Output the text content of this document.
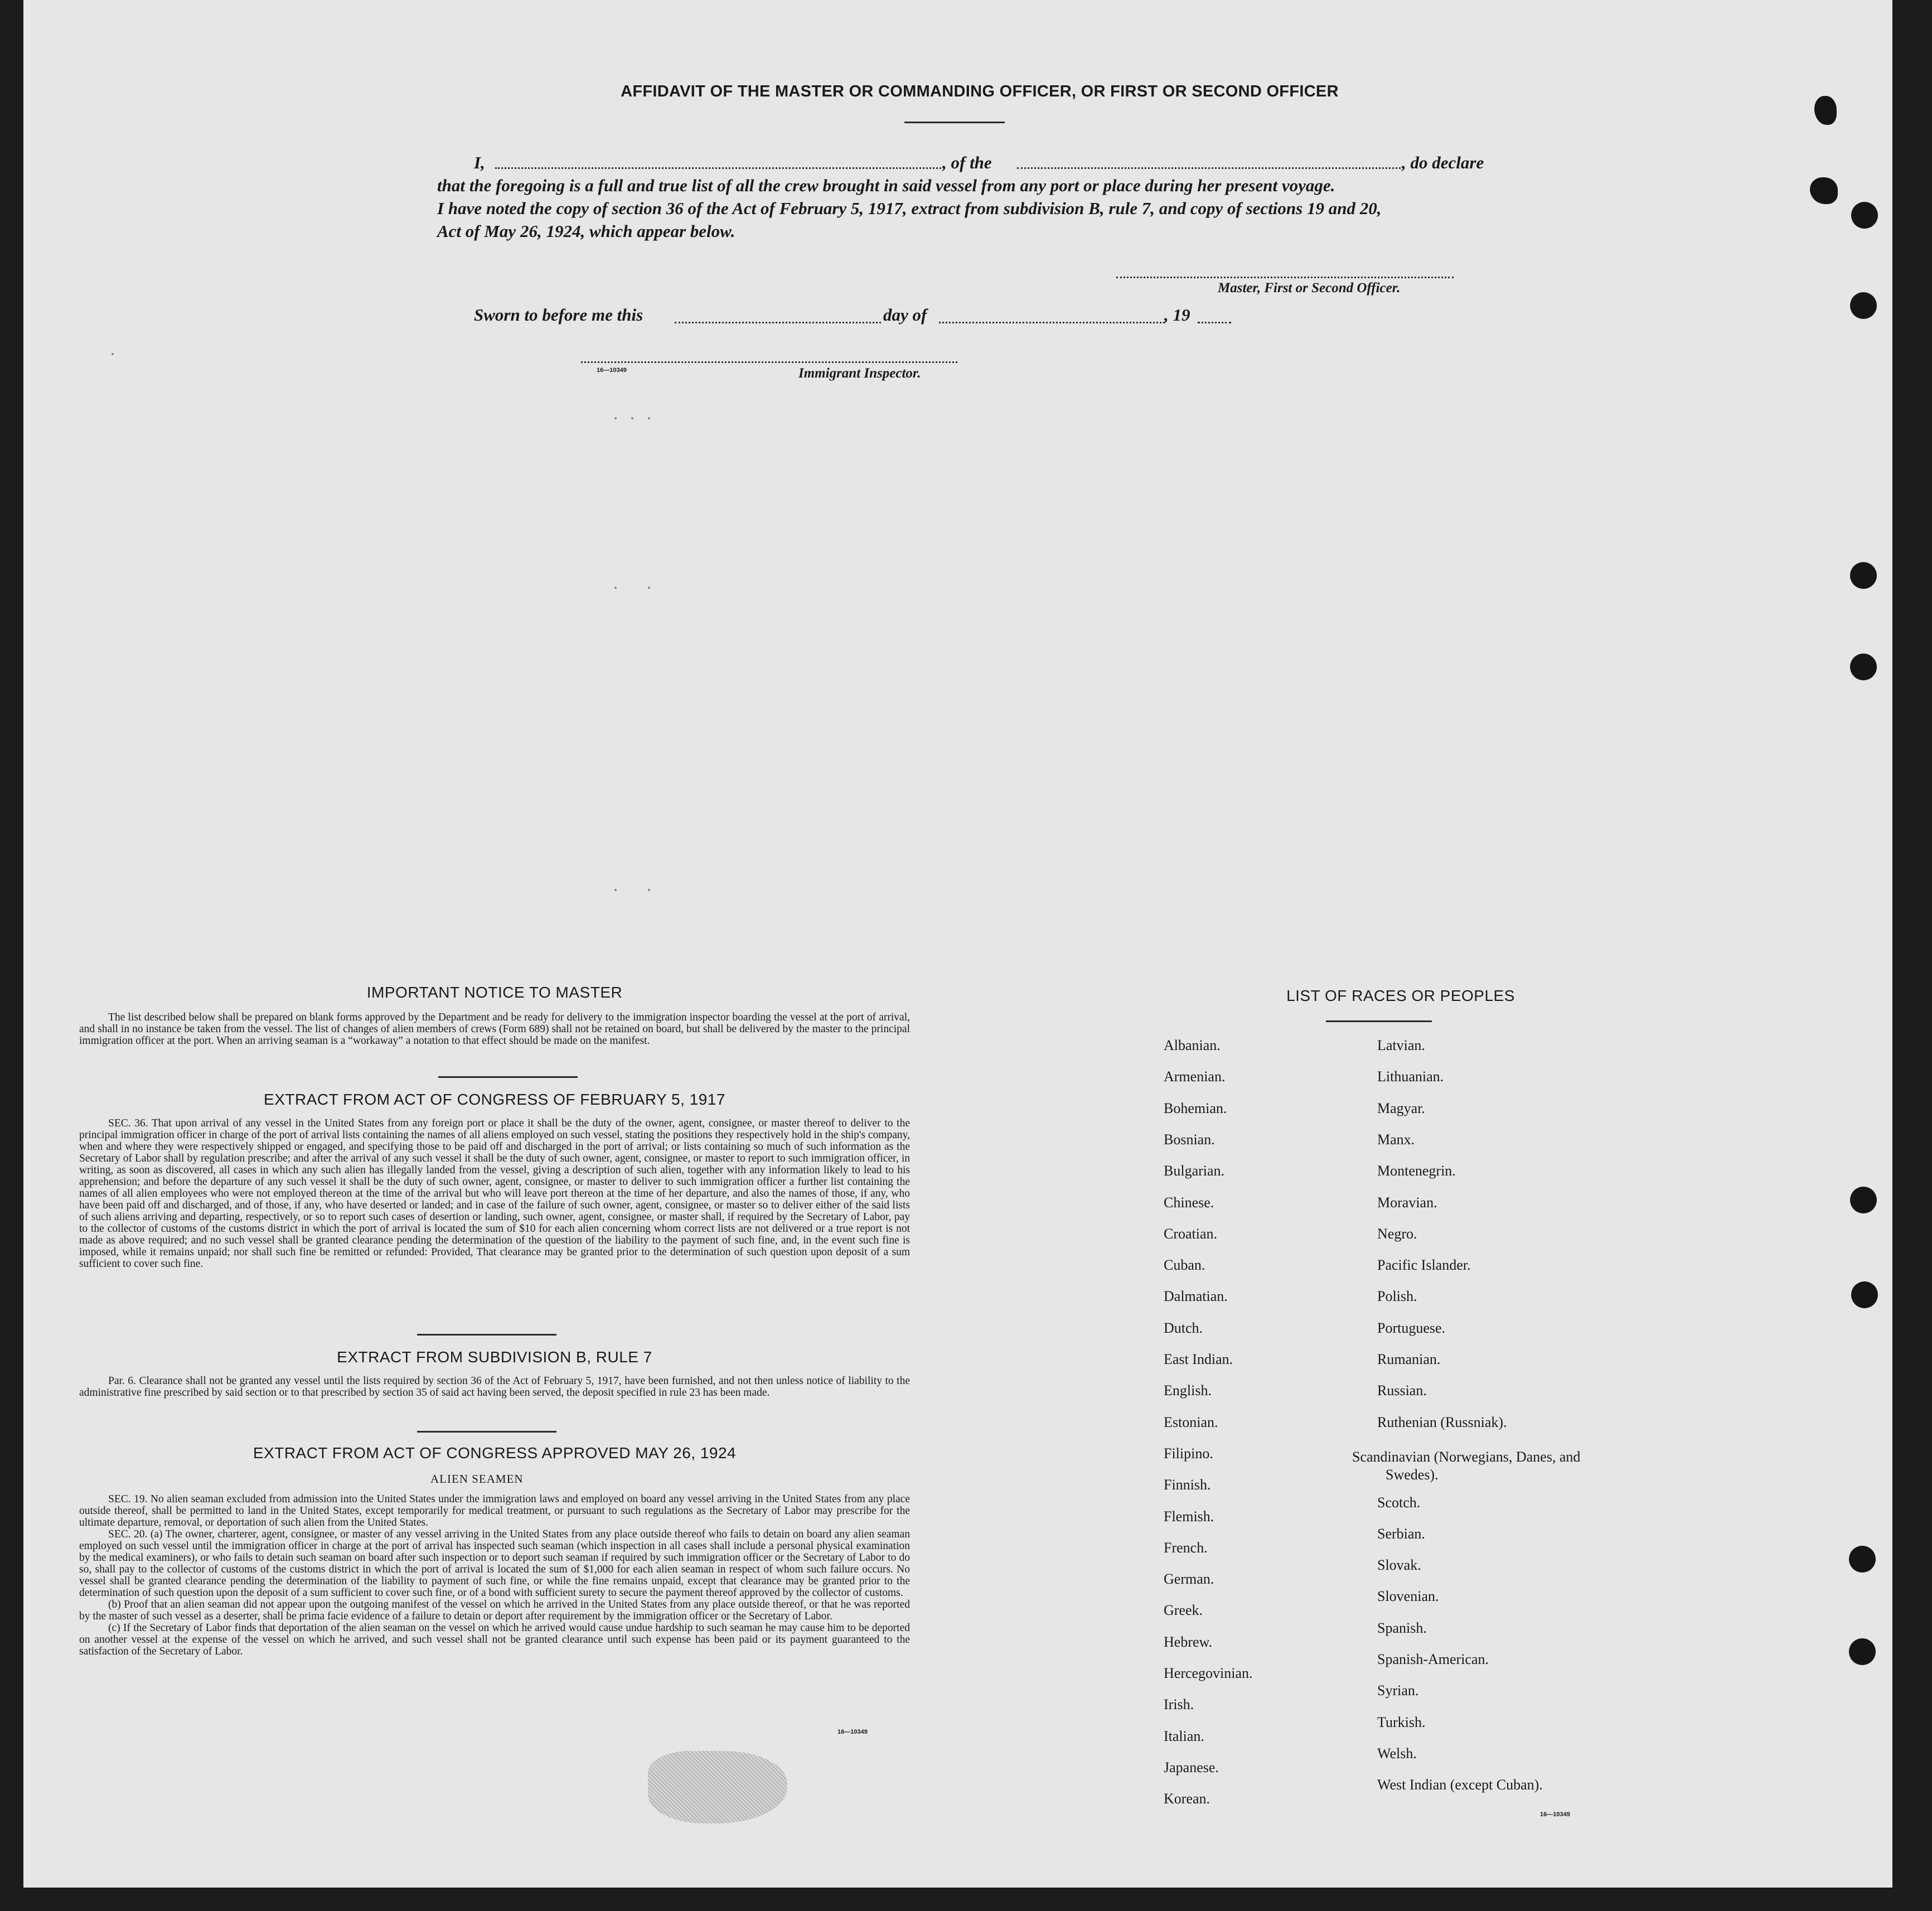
AFFIDAVIT OF THE MASTER OR COMMANDING OFFICER, OR FIRST OR SECOND OFFICER
I,	, of the	, do declare
that the foregoing is a full and true list of all the crew brought in said vessel from any port or place during her present voyage.
I have noted the copy of section 36 of the Act of February 5, 1917, extract from subdivision B, rule 7, and copy of sections 19 and 20,
Act of May 26, 1924, which appear below.
Master, First or Second Officer.
Sworn to before me this	day of	, 19
16—10349	Immigrant Inspector.
IMPORTANT NOTICE TO MASTER

The list described below shall be prepared on blank forms approved by the Department and be ready for delivery to the immigration inspector boarding the vessel at the port of arrival, and shall in no instance be taken from the vessel. The list of changes of alien members of crews (Form 689) shall not be retained on board, but shall be delivered by the master to the principal immigration officer at the port. When an arriving seaman is a “workaway” a notation to that effect should be made on the manifest.

EXTRACT FROM ACT OF CONGRESS OF FEBRUARY 5, 1917

SEC. 36. That upon arrival of any vessel in the United States from any foreign port or place it shall be the duty of the owner, agent, consignee, or master thereof to deliver to the principal immigration officer in charge of the port of arrival lists containing the names of all aliens employed on such vessel, stating the positions they respectively hold in the ship's company, when and where they were respectively shipped or engaged, and specifying those to be paid off and discharged in the port of arrival; or lists containing so much of such information as the Secretary of Labor shall by regulation prescribe; and after the arrival of any such vessel it shall be the duty of such owner, agent, consignee, or master to report to such immigration officer, in writing, as soon as discovered, all cases in which any such alien has illegally landed from the vessel, giving a description of such alien, together with any information likely to lead to his apprehension; and before the departure of any such vessel it shall be the duty of such owner, agent, consignee, or master to deliver to such immigration officer a further list containing the names of all alien employees who were not employed thereon at the time of the arrival but who will leave port thereon at the time of her departure, and also the names of those, if any, who have been paid off and discharged, and of those, if any, who have deserted or landed; and in case of the failure of such owner, agent, consignee, or master so to deliver either of the said lists of such aliens arriving and departing, respectively, or so to report such cases of desertion or landing, such owner, agent, consignee, or master shall, if required by the Secretary of Labor, pay to the collector of customs of the customs district in which the port of arrival is located the sum of $10 for each alien concerning whom correct lists are not delivered or a true report is not made as above required; and no such vessel shall be granted clearance pending the determination of the question of the liability to the payment of such fine, and, in the event such fine is imposed, while it remains unpaid; nor shall such fine be remitted or refunded: Provided, That clearance may be granted prior to the determination of such question upon deposit of a sum sufficient to cover such fine.

EXTRACT FROM SUBDIVISION B, RULE 7

Par. 6. Clearance shall not be granted any vessel until the lists required by section 36 of the Act of February 5, 1917, have been furnished, and not then unless notice of liability to the administrative fine prescribed by said section or to that prescribed by section 35 of said act having been served, the deposit specified in rule 23 has been made.

EXTRACT FROM ACT OF CONGRESS APPROVED MAY 26, 1924
ALIEN SEAMEN

SEC. 19. No alien seaman excluded from admission into the United States under the immigration laws and employed on board any vessel arriving in the United States from any place outside thereof, shall be permitted to land in the United States, except temporarily for medical treatment, or pursuant to such regulations as the Secretary of Labor may prescribe for the ultimate departure, removal, or deportation of such alien from the United States.

SEC. 20. (a) The owner, charterer, agent, consignee, or master of any vessel arriving in the United States from any place outside thereof who fails to detain on board any alien seaman employed on such vessel until the immigration officer in charge at the port of arrival has inspected such seaman (which inspection in all cases shall include a personal physical examination by the medical examiners), or who fails to detain such seaman on board after such inspection or to deport such seaman if required by such immigration officer or the Secretary of Labor to do so, shall pay to the collector of customs of the customs district in which the port of arrival is located the sum of $1,000 for each alien seaman in respect of whom such failure occurs. No vessel shall be granted clearance pending the determination of the liability to payment of such fine, or while the fine remains unpaid, except that clearance may be granted prior to the determination of such question upon the deposit of a sum sufficient to cover such fine, or of a bond with sufficient surety to secure the payment thereof approved by the collector of customs.

(b) Proof that an alien seaman did not appear upon the outgoing manifest of the vessel on which he arrived in the United States from any place outside thereof, or that he was reported by the master of such vessel as a deserter, shall be prima facie evidence of a failure to detain or deport after requirement by the immigration officer or the Secretary of Labor.

(c) If the Secretary of Labor finds that deportation of the alien seaman on the vessel on which he arrived would cause undue hardship to such seaman he may cause him to be deported on another vessel at the expense of the vessel on which he arrived, and such vessel shall not be granted clearance until such expense has been paid or its payment guaranteed to the satisfaction of the Secretary of Labor.

16—10349
LIST OF RACES OR PEOPLES
Albanian.
Armenian.
Bohemian.
Bosnian.
Bulgarian.
Chinese.
Croatian.
Cuban.
Dalmatian.
Dutch.
East Indian.
English.
Estonian.
Filipino.
Finnish.
Flemish.
French.
German.
Greek.
Hebrew.
Hercegovinian.
Irish.
Italian.
Japanese.
Korean.
Latvian.
Lithuanian.
Magyar.
Manx.
Montenegrin.
Moravian.
Negro.
Pacific Islander.
Polish.
Portuguese.
Rumanian.
Russian.
Ruthenian (Russniak).
Scandinavian (Norwegians, Danes, and Swedes).
Scotch.
Serbian.
Slovak.
Slovenian.
Spanish.
Spanish-American.
Syrian.
Turkish.
Welsh.
West Indian (except Cuban).
16—10349
